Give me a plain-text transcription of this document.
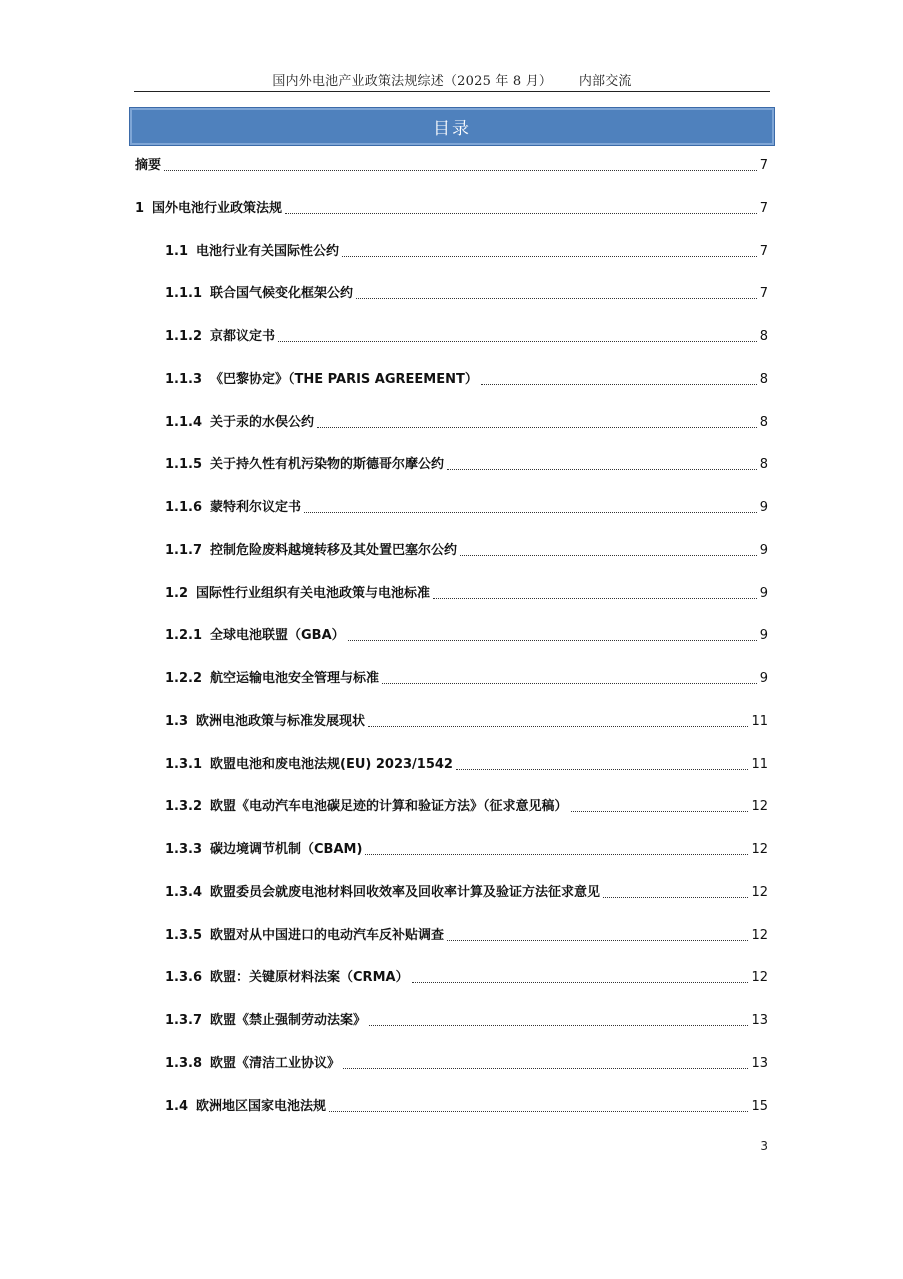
国内外电池产业政策法规综述（2025 年 8 月） 内部交流
目录
摘要	7
1 国外电池行业政策法规	7
1.1 电池行业有关国际性公约	7
1.1.1 联合国气候变化框架公约	7
1.1.2 京都议定书	8
1.1.3 《巴黎协定》（THE PARIS AGREEMENT）	8
1.1.4 关于汞的水俣公约	8
1.1.5 关于持久性有机污染物的斯德哥尔摩公约	8
1.1.6 蒙特利尔议定书	9
1.1.7 控制危险废料越境转移及其处置巴塞尔公约	9
1.2 国际性行业组织有关电池政策与电池标准	9
1.2.1 全球电池联盟（GBA）	9
1.2.2 航空运输电池安全管理与标准	9
1.3 欧洲电池政策与标准发展现状	11
1.3.1 欧盟电池和废电池法规(EU) 2023/1542	11
1.3.2 欧盟《电动汽车电池碳足迹的计算和验证方法》（征求意见稿）	12
1.3.3 碳边境调节机制（CBAM)	12
1.3.4 欧盟委员会就废电池材料回收效率及回收率计算及验证方法征求意见	12
1.3.5 欧盟对从中国进口的电动汽车反补贴调查	12
1.3.6 欧盟：关键原材料法案（CRMA）	12
1.3.7 欧盟《禁止强制劳动法案》	13
1.3.8 欧盟《清洁工业协议》	13
1.4 欧洲地区国家电池法规	15
3
